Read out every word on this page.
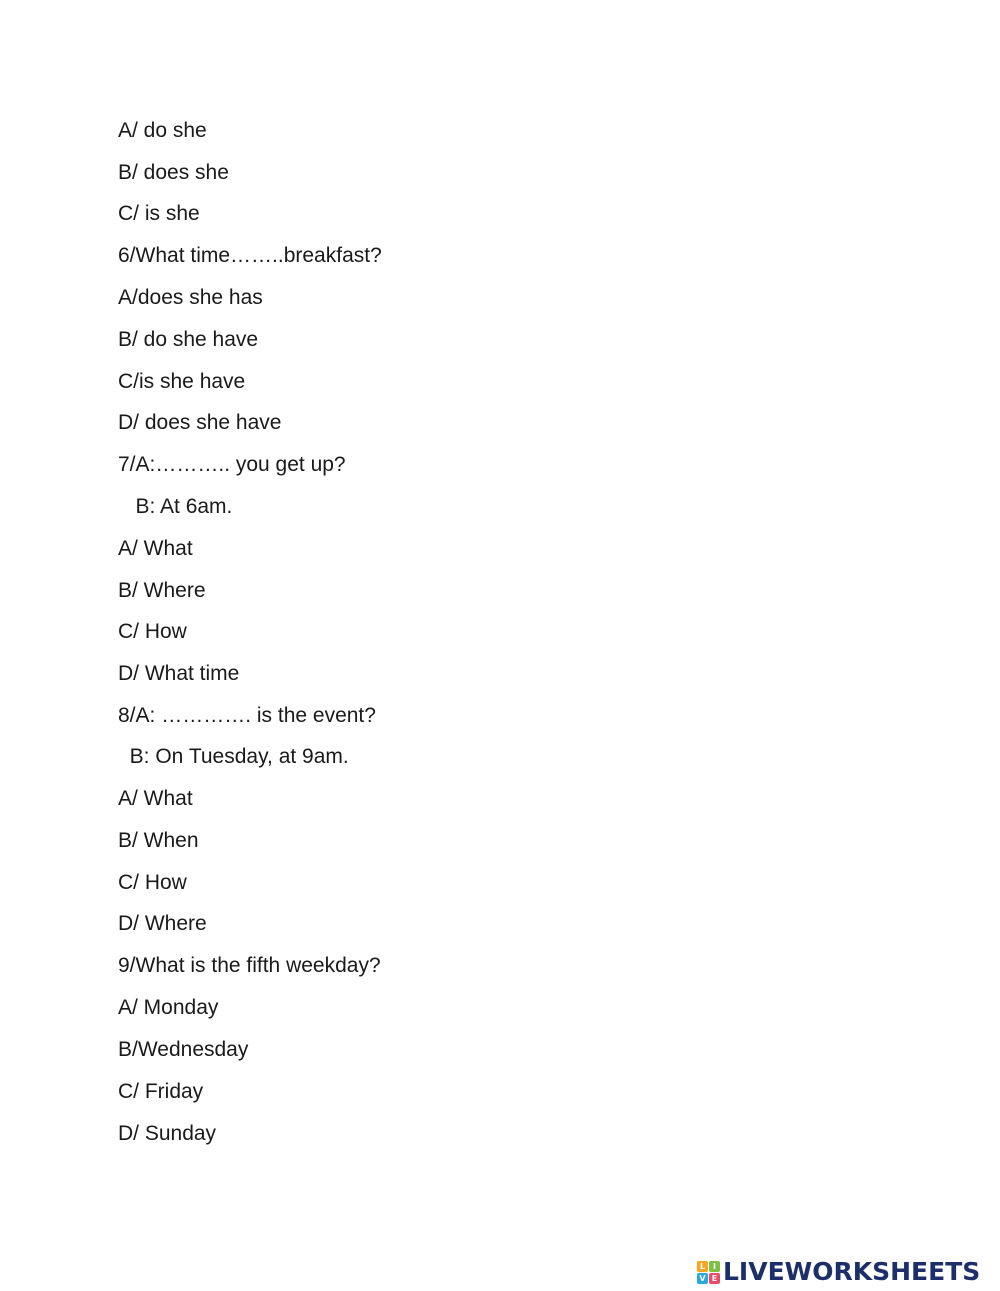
A/ do she
B/ does she
C/ is she
6/What time……..breakfast?
A/does she has
B/ do she have
C/is she have
D/ does she have
7/A:……….. you get up?
B: At 6am.
A/ What
B/ Where
C/ How
D/ What time
8/A: …………. is the event?
B: On Tuesday, at 9am.
A/ What
B/ When
C/ How
D/ Where
9/What is the fifth weekday?
A/ Monday
B/Wednesday
C/ Friday
D/ Sunday
L I
V E LIVEWORKSHEETS
